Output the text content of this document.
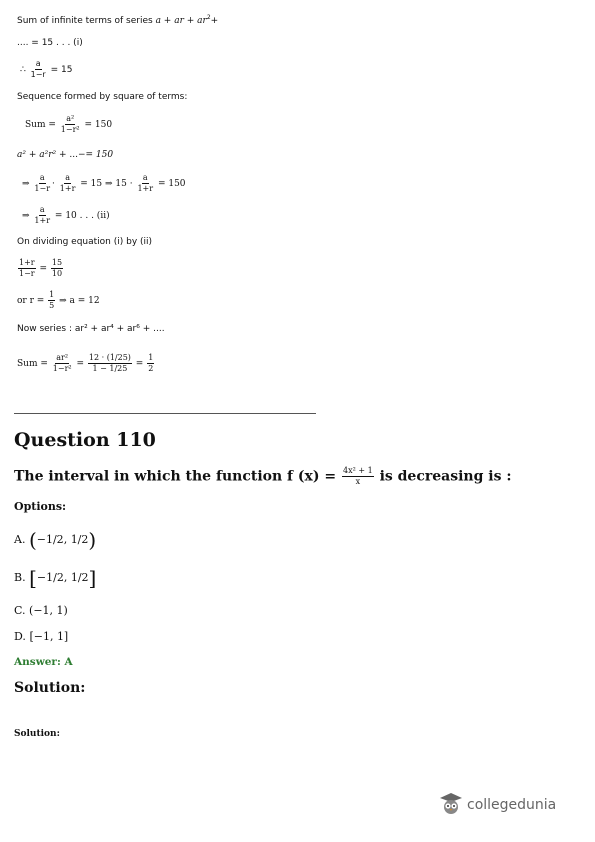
Sum of infinite terms of series a + ar + $ar^2+$
.... = 15 . . . (i)
∴ $\frac{a}{1-r} = 15$
Sequence formed by square of terms:
Sum = $\frac{\text{a²}}{\text{1−r²}} = 150$
a² + a²r² + ...−= 150
⇒ $\frac{a}{1-r} \cdot \frac{a}{1+r} = 15$ ⇒ $15 \cdot \frac{a}{1+r} = 150$
⇒ $\frac{a}{1+r} = 10$ . . . (ii)
On dividing equation (i) by (ii)
$\frac{1+r}{1-r} = \frac{15}{10}$
or $r = \frac{1}{5}$ ⇒ a = 12
Now series : ar² + ar⁴ + ar⁶ + ....
Sum = $\frac{\text{ar²}}{\text{1−r²}} = \frac{12 \cdot (1/25)}{1 - 1/25} = \frac{1}{2}$
Question 110
The interval in which the function f $(x) = \frac{\text{4x² + 1}}{x}$ is decreasing is :
Options:
A. (−1/2, 1/2)
B. [−1/2, 1/2]
C. (−1, 1)
D. [−1, 1]
Answer: A
Solution:
Solution:
collegedunia
